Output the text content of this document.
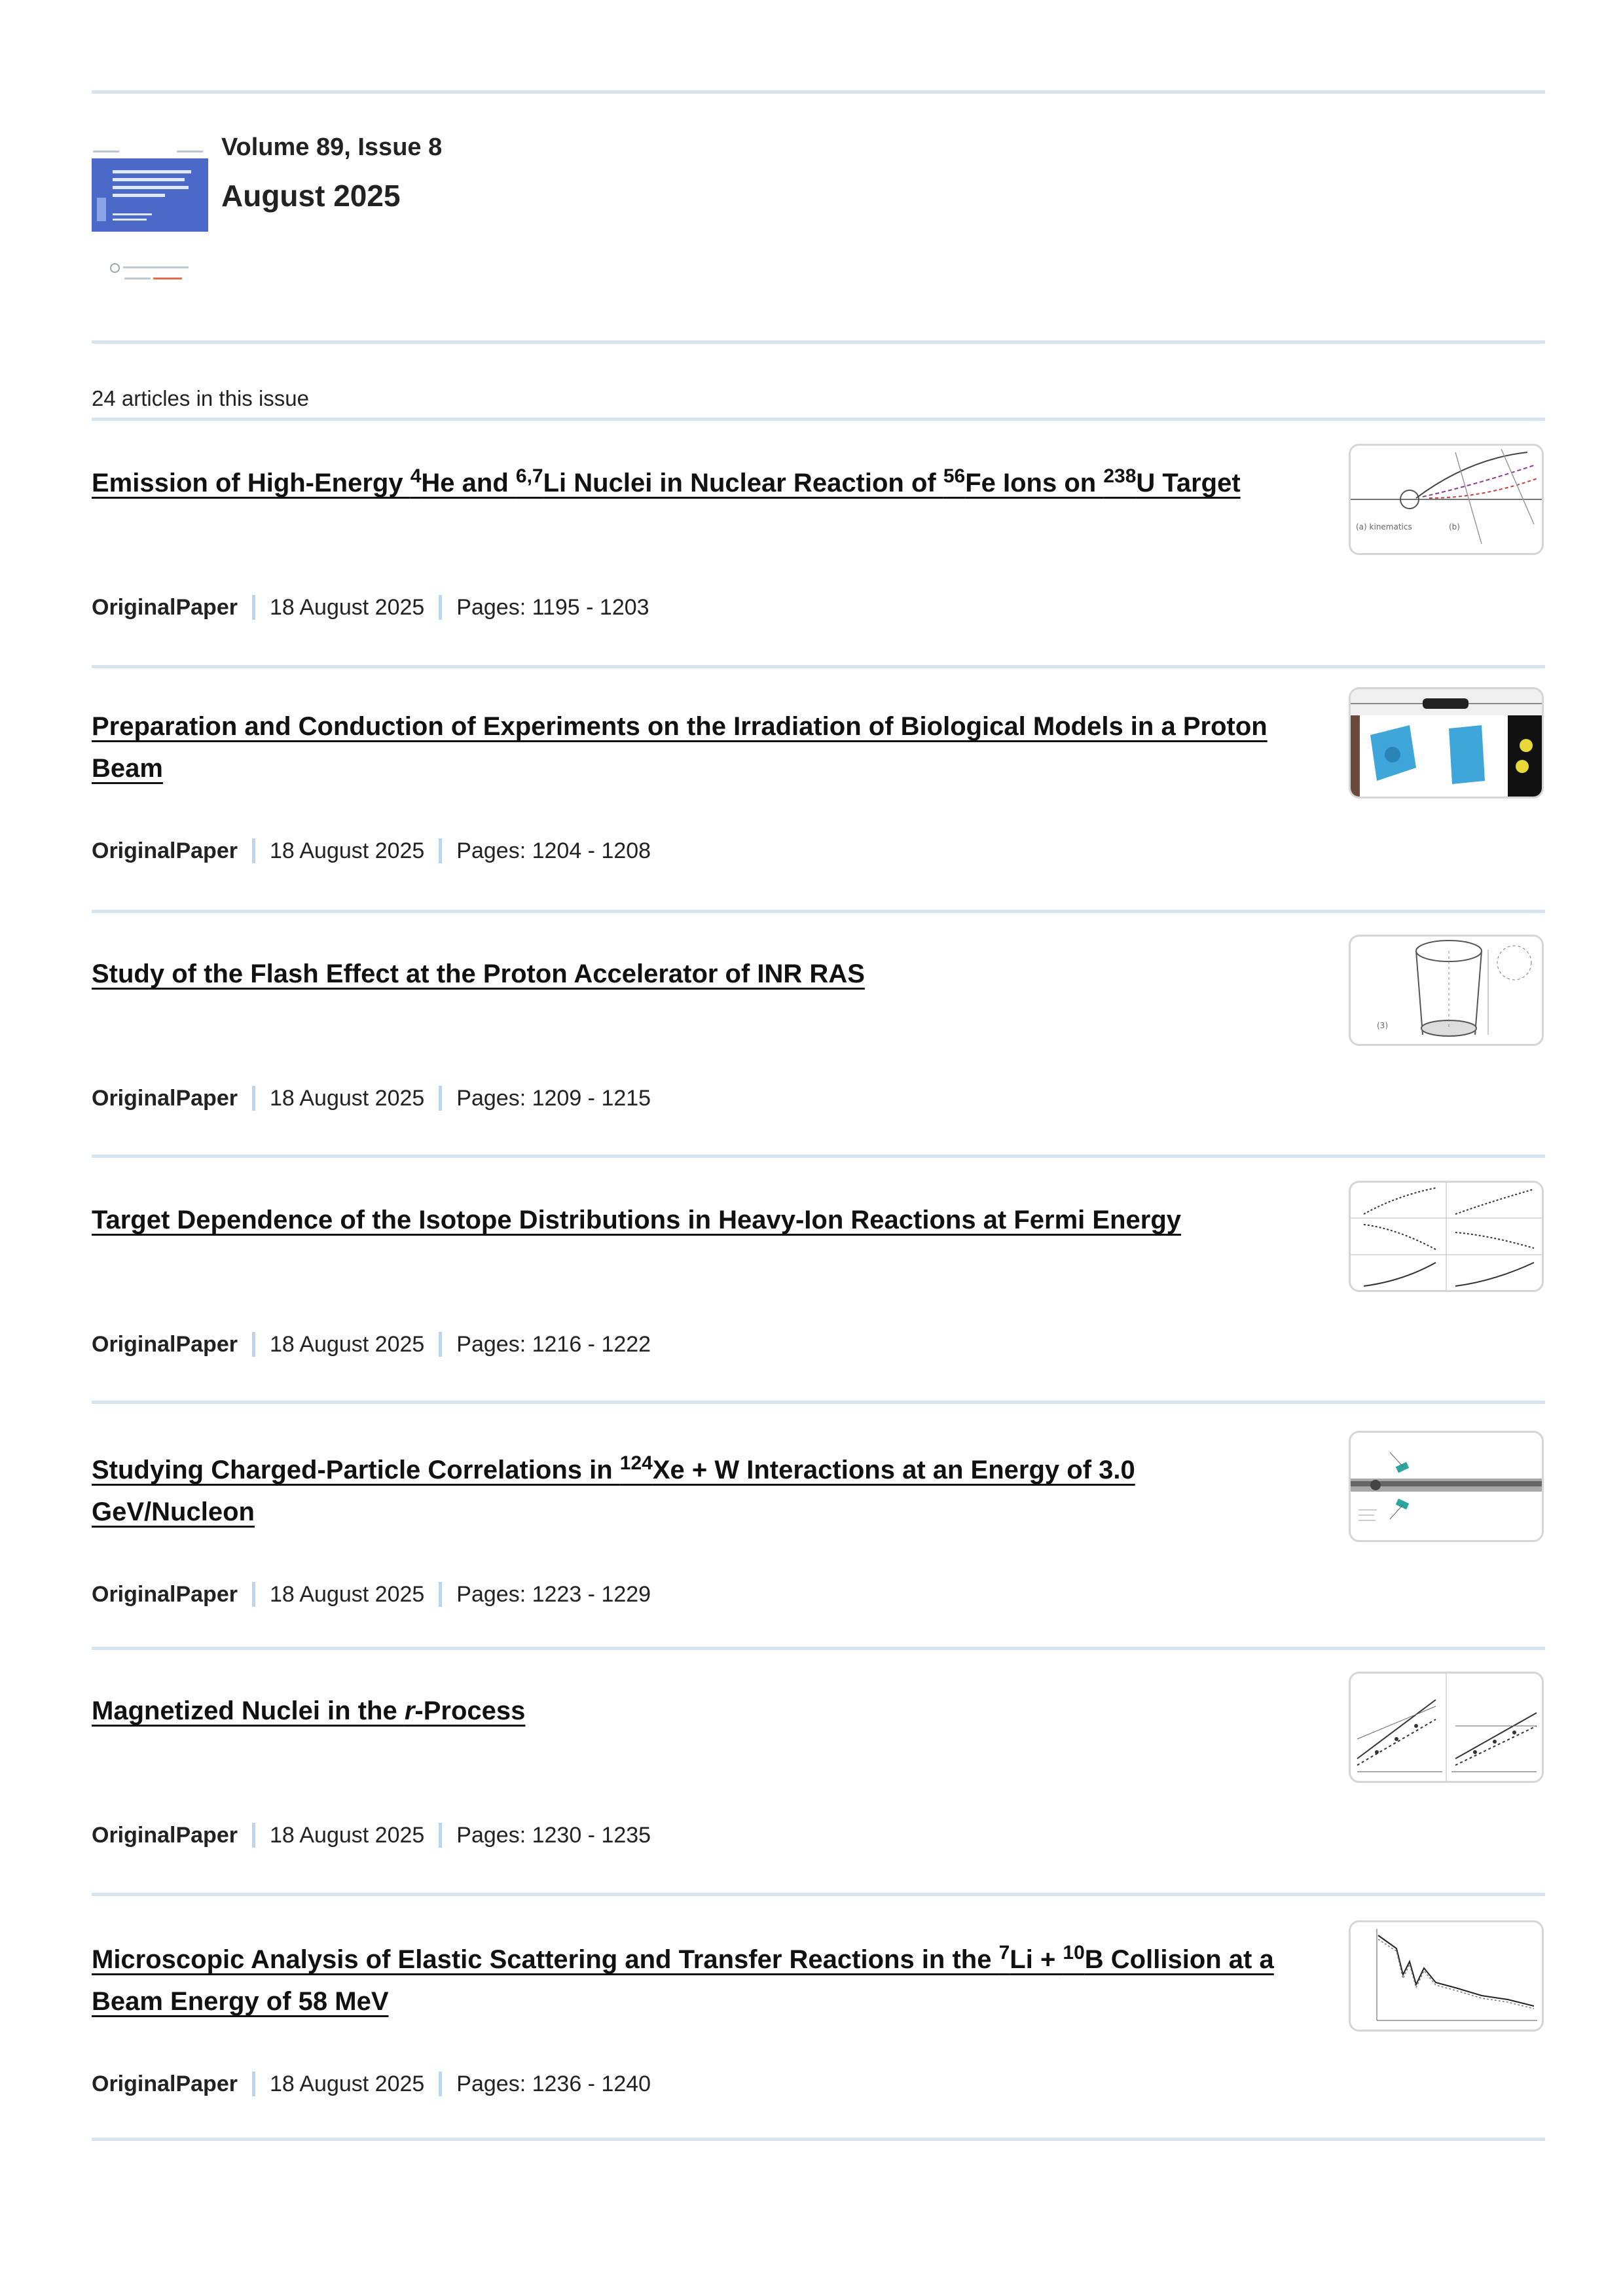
Volume 89, Issue 8
August 2025
24 articles in this issue
Emission of High-Energy $^4$He and $^{6,7}$Li Nuclei in Nuclear Reaction of $^{56}$Fe Ions on $^{238}$U Target
OriginalPaper 18 August 2025 Pages: 1195 - 1203
(a) kinematics	(b)
Preparation and Conduction of Experiments on the Irradiation of Biological Models in a Proton Beam
OriginalPaper 18 August 2025 Pages: 1204 - 1208
Study of the Flash Effect at the Proton Accelerator of INR RAS
OriginalPaper 18 August 2025 Pages: 1209 - 1215
(3)
Target Dependence of the Isotope Distributions in Heavy-Ion Reactions at Fermi Energy
OriginalPaper 18 August 2025 Pages: 1216 - 1222
Studying Charged-Particle Correlations in $^{124}$Xe + W Interactions at an Energy of 3.0 GeV/Nucleon
OriginalPaper 18 August 2025 Pages: 1223 - 1229
Magnetized Nuclei in the r-Process
OriginalPaper 18 August 2025 Pages: 1230 - 1235
Microscopic Analysis of Elastic Scattering and Transfer Reactions in the $^7$Li + $^{10}$B Collision at a Beam Energy of 58 MeV
OriginalPaper 18 August 2025 Pages: 1236 - 1240
